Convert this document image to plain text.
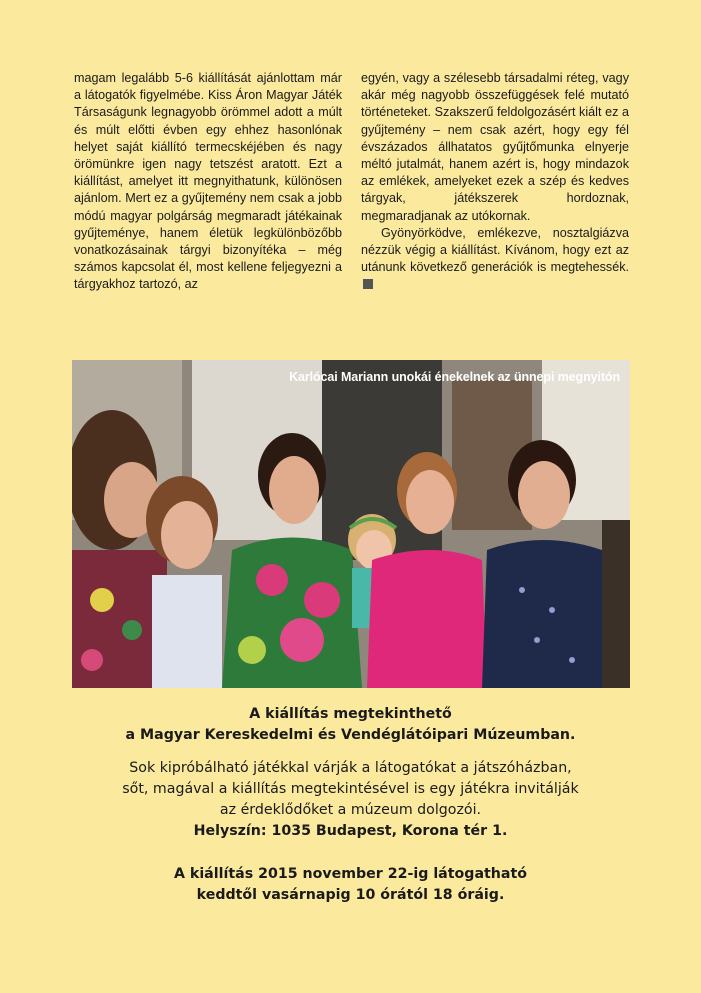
magam legalább 5-6 kiállítását ajánlottam már a látogatók figyelmébe. Kiss Áron Magyar Játék Társaságunk legnagyobb örömmel adott a múlt és múlt előtti évben egy ehhez hasonlónak helyet saját kiállító termecskéjében és nagy örömünkre igen nagy tetszést aratott. Ezt a kiállítást, amelyet itt megnyithatunk, különösen ajánlom. Mert ez a gyűjtemény nem csak a jobb módú magyar polgárság megmaradt játékainak gyűjteménye, hanem életük legkülönbözőbb vonatkozásainak tárgyi bizonyítéka – még számos kapcsolat él, most kellene feljegyezni a tárgyakhoz tartozó, az

egyén, vagy a szélesebb társadalmi réteg, vagy akár még nagyobb összefüggések felé mutató történeteket. Szakszerű feldolgozásért kiált ez a gyűjtemény – nem csak azért, hogy egy fél évszázados állhatatos gyűjtőmunka elnyerje méltó jutalmát, hanem azért is, hogy mindazok az emlékek, amelyeket ezek a szép és kedves tárgyak, játékszerek hordoznak, megmaradjanak az utókornak.

Gyönyörködve, emlékezve, nosztalgiázva nézzük végig a kiállítást. Kívánom, hogy ezt az utánunk következő generációk is megtehessék.

Karlócai Mariann unokái énekelnek az ünnepi megnyitón
A kiállítás megtekinthető
a Magyar Kereskedelmi és Vendéglátóipari Múzeumban.
Sok kipróbálható játékkal várják a látogatókat a játszóházban,
sőt, magával a kiállítás megtekintésével is egy játékra invitálják
az érdeklődőket a múzeum dolgozói.
Helyszín: 1035 Budapest, Korona tér 1.
A kiállítás 2015 november 22-ig látogatható
keddtől vasárnapig 10 órától 18 óráig.
